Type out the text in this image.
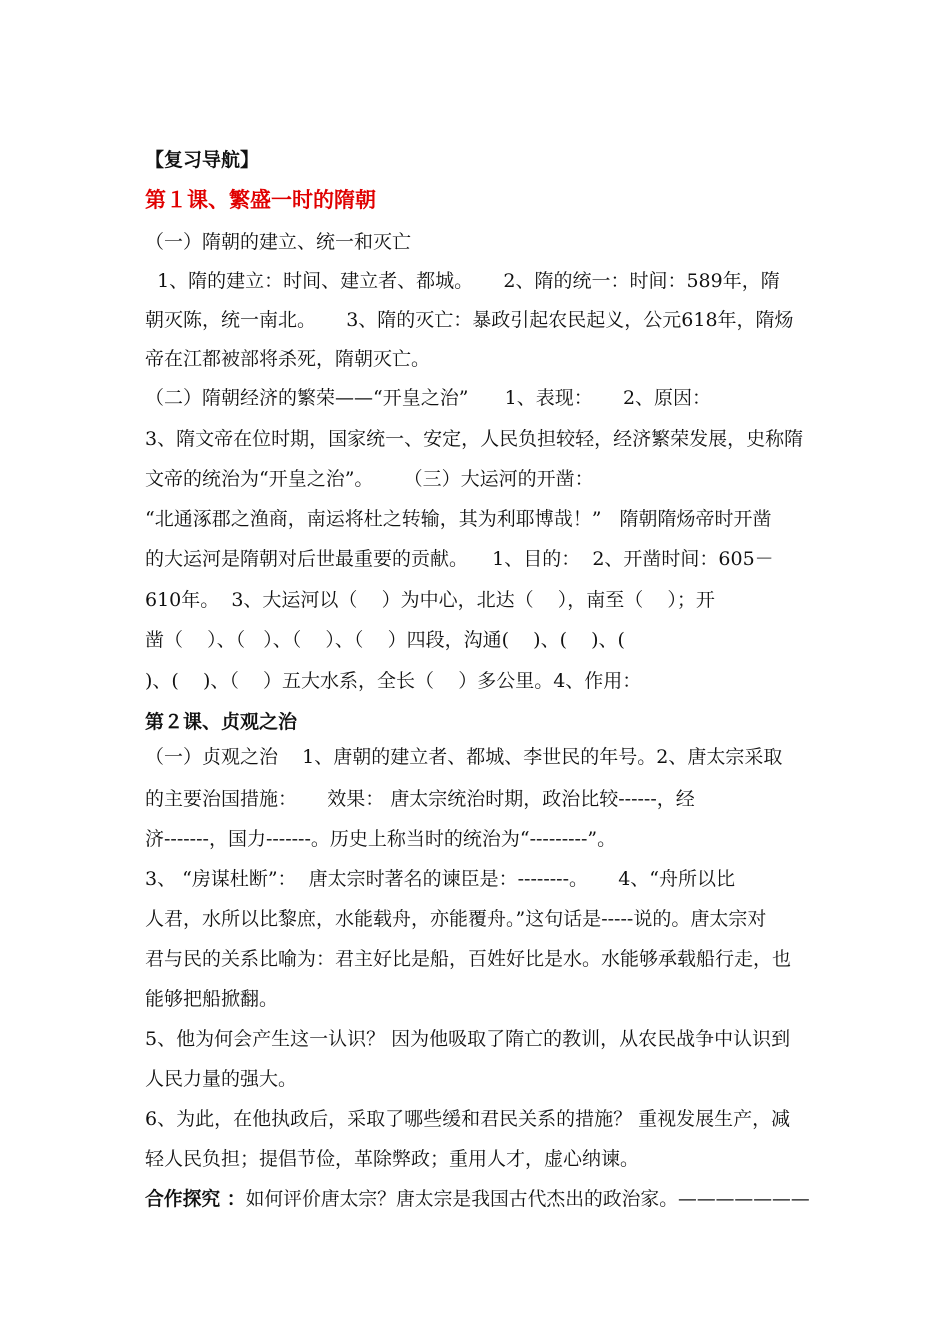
【复习导航】
第１课、繁盛一时的隋朝
（一）隋朝的建立、统一和灭亡
1、隋的建立：时间、建立者、都城。     2、隋的统一：时间：589年，隋
朝灭陈，统一南北。     3、隋的灭亡：暴政引起农民起义，公元618年，隋炀
帝在江都被部将杀死，隋朝灭亡。
（二）隋朝经济的繁荣——“开皇之治”      1、表现：     2、原因：
3、隋文帝在位时期，国家统一、安定，人民负担较轻，经济繁荣发展，史称隋
文帝的统治为“开皇之治”。     （三）大运河的开凿：
“北通涿郡之渔商，南运将杜之转输，其为利耶博哉！”   隋朝隋炀帝时开凿
的大运河是隋朝对后世最重要的贡献。    1、目的：  2、开凿时间：605－
610年。  3、大运河以（    ）为中心，北达（    ），南至（    ）；开
凿（    ）、（   ）、（    ）、（    ）四段，沟通(    )、(    )、(
)、(    )、（    ）五大水系，全长（    ）多公里。4、作用：
第２课、贞观之治
（一）贞观之治    1、唐朝的建立者、都城、李世民的年号。2、唐太宗采取
的主要治国措施：     效果： 唐太宗统治时期，政治比较------，经
济-------，国力-------。历史上称当时的统治为“---------”。
3、 “房谋杜断”：  唐太宗时著名的谏臣是：--------。     4、“舟所以比
人君，水所以比黎庶，水能载舟，亦能覆舟。”这句话是-----说的。唐太宗对
君与民的关系比喻为：君主好比是船，百姓好比是水。水能够承载船行走，也
能够把船掀翻。
5、他为何会产生这一认识？ 因为他吸取了隋亡的教训，从农民战争中认识到
人民力量的强大。
6、为此，在他执政后，采取了哪些缓和君民关系的措施？ 重视发展生产，减
轻人民负担；提倡节俭，革除弊政；重用人才，虚心纳谏。
合作探究 ：如何评价唐太宗？唐太宗是我国古代杰出的政治家。———————
